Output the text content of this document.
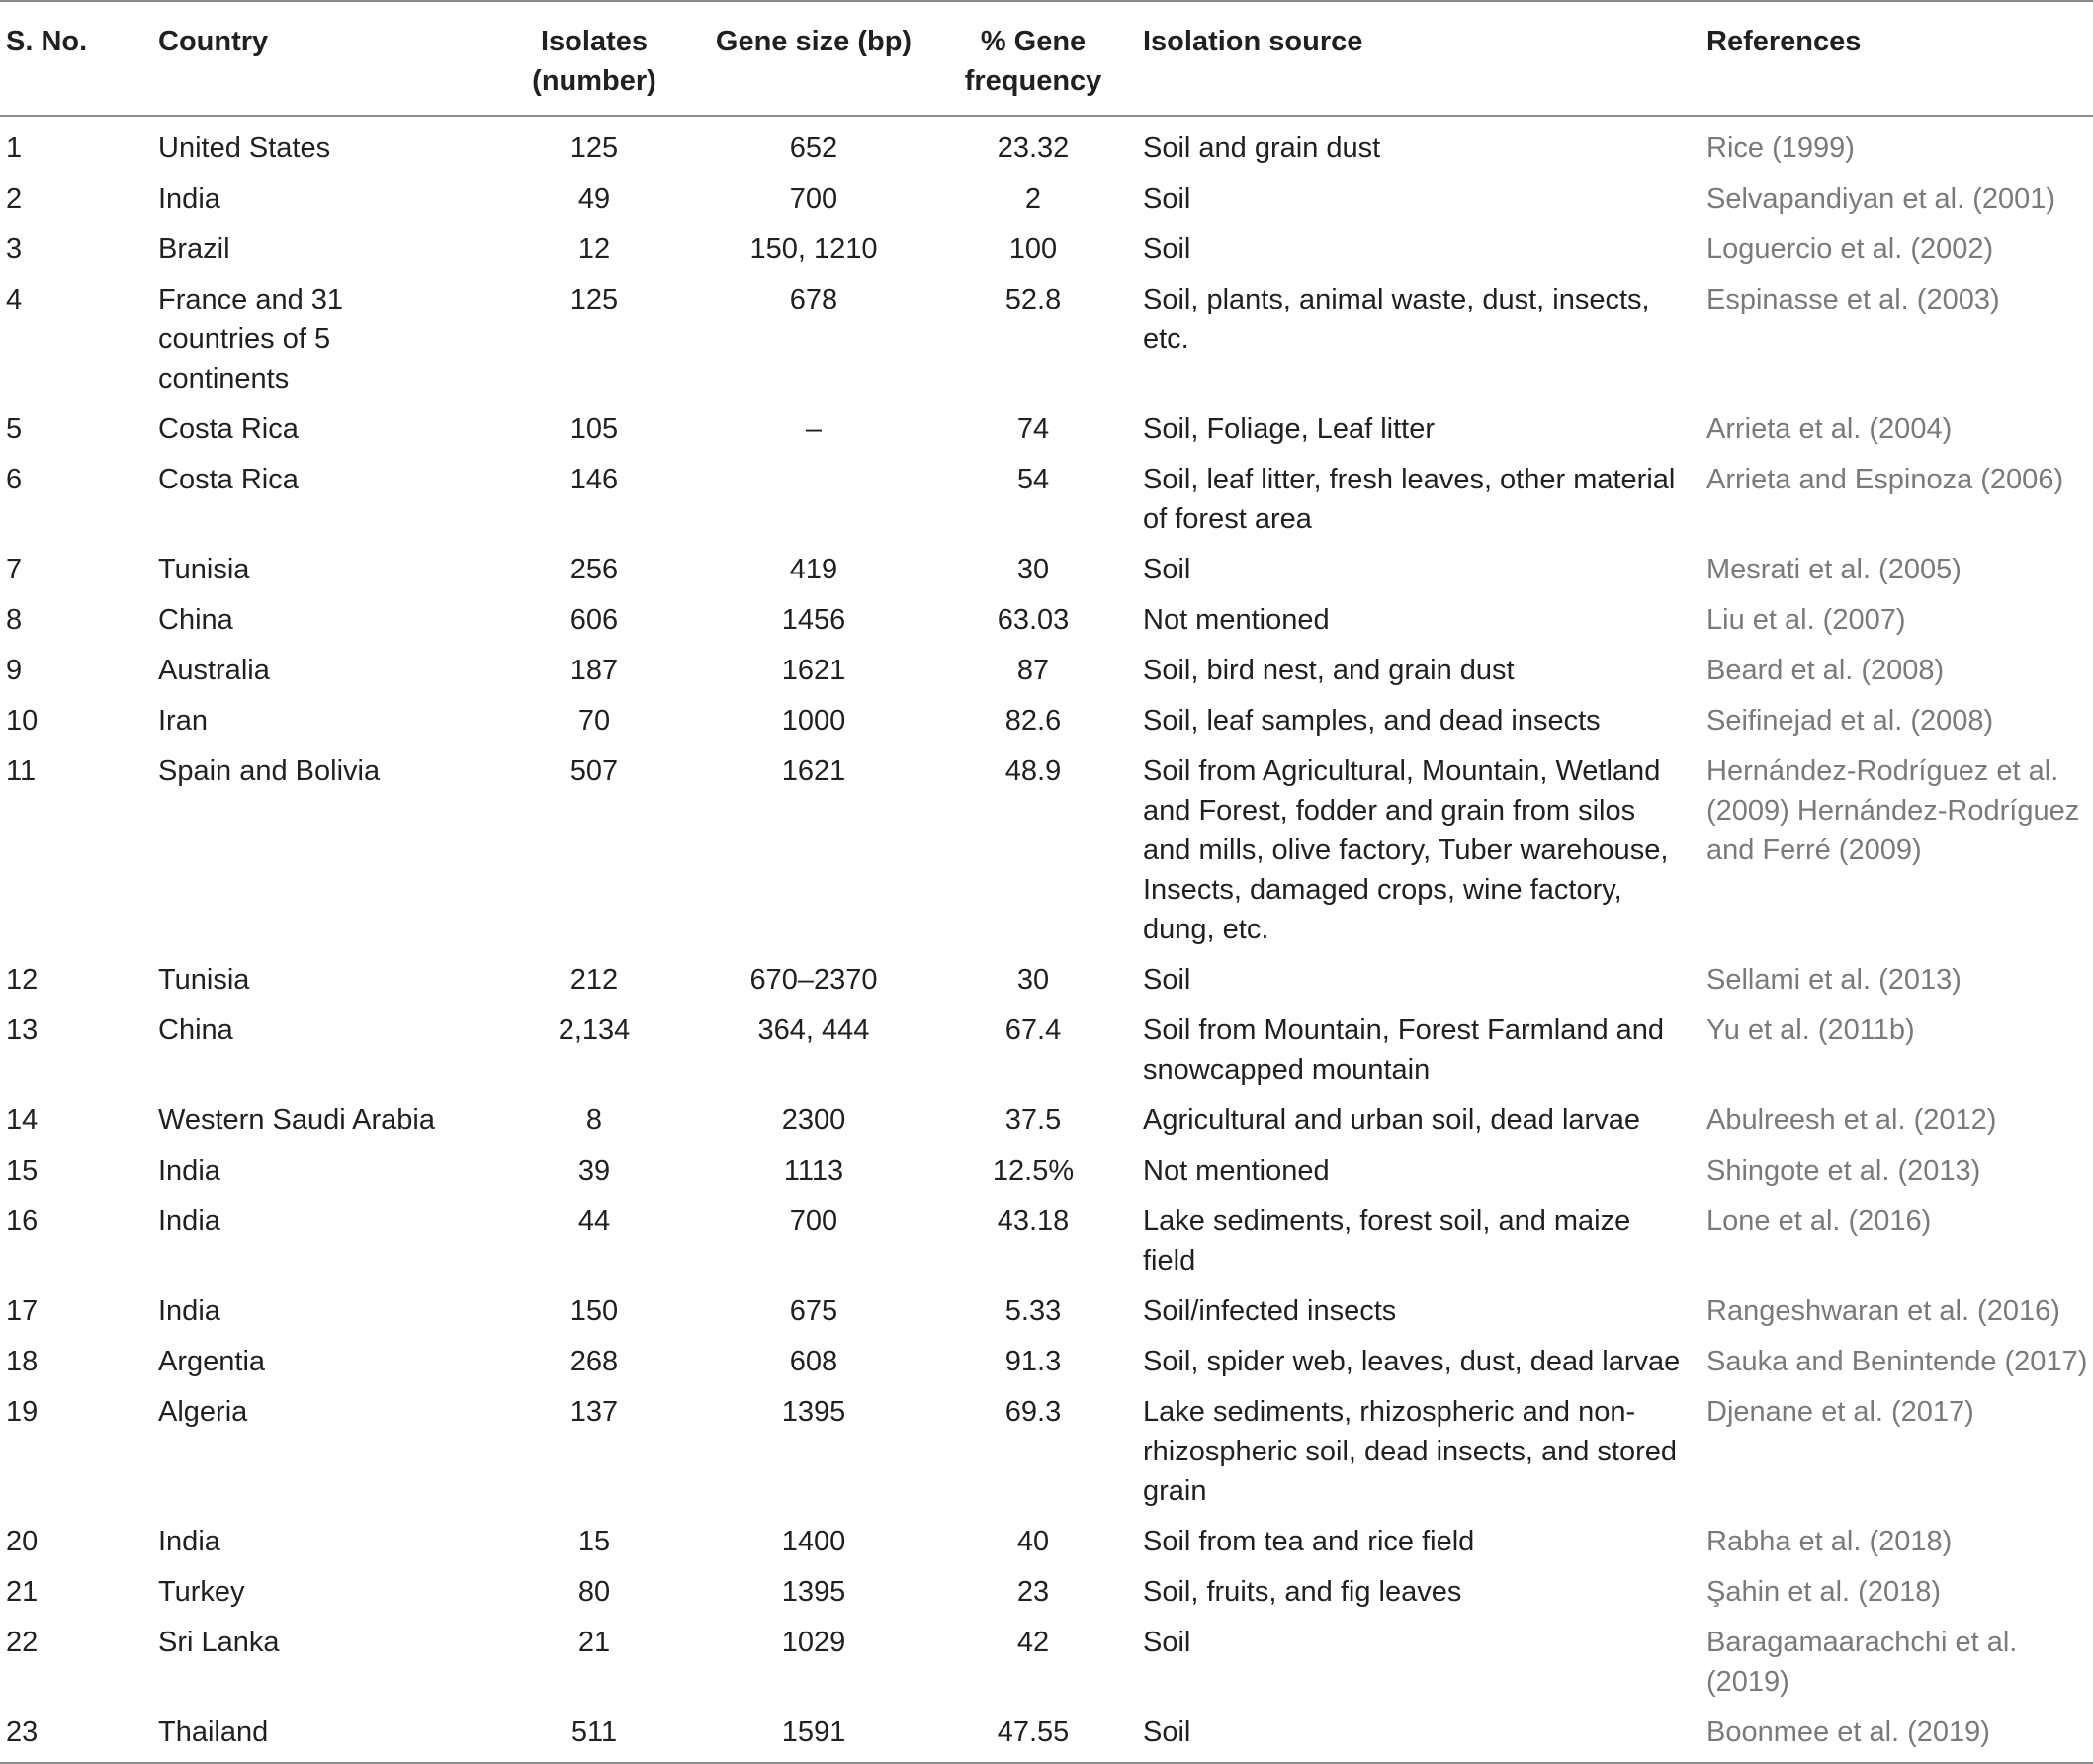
S. No.	Country	Isolates (number)	Gene size (bp)	% Gene frequency	Isolation source	References
1	United States	125	652	23.32	Soil and grain dust	Rice (1999)
2	India	49	700	2	Soil	Selvapandiyan et al. (2001)
3	Brazil	12	150, 1210	100	Soil	Loguercio et al. (2002)
4	France and 31 countries of 5 continents	125	678	52.8	Soil, plants, animal waste, dust, insects, etc.	Espinasse et al. (2003)
5	Costa Rica	105	–	74	Soil, Foliage, Leaf litter	Arrieta et al. (2004)
6	Costa Rica	146		54	Soil, leaf litter, fresh leaves, other material of forest area	Arrieta and Espinoza (2006)
7	Tunisia	256	419	30	Soil	Mesrati et al. (2005)
8	China	606	1456	63.03	Not mentioned	Liu et al. (2007)
9	Australia	187	1621	87	Soil, bird nest, and grain dust	Beard et al. (2008)
10	Iran	70	1000	82.6	Soil, leaf samples, and dead insects	Seifinejad et al. (2008)
11	Spain and Bolivia	507	1621	48.9	Soil from Agricultural, Mountain, Wetland and Forest, fodder and grain from silos and mills, olive factory, Tuber warehouse, Insects, damaged crops, wine factory, dung, etc.	Hernández-Rodríguez et al. (2009) Hernández-Rodríguez and Ferré (2009)
12	Tunisia	212	670–2370	30	Soil	Sellami et al. (2013)
13	China	2,134	364, 444	67.4	Soil from Mountain, Forest Farmland and snowcapped mountain	Yu et al. (2011b)
14	Western Saudi Arabia	8	2300	37.5	Agricultural and urban soil, dead larvae	Abulreesh et al. (2012)
15	India	39	1113	12.5%	Not mentioned	Shingote et al. (2013)
16	India	44	700	43.18	Lake sediments, forest soil, and maize field	Lone et al. (2016)
17	India	150	675	5.33	Soil/infected insects	Rangeshwaran et al. (2016)
18	Argentia	268	608	91.3	Soil, spider web, leaves, dust, dead larvae	Sauka and Benintende (2017)
19	Algeria	137	1395	69.3	Lake sediments, rhizospheric and non-rhizospheric soil, dead insects, and stored grain	Djenane et al. (2017)
20	India	15	1400	40	Soil from tea and rice field	Rabha et al. (2018)
21	Turkey	80	1395	23	Soil, fruits, and fig leaves	Şahin et al. (2018)
22	Sri Lanka	21	1029	42	Soil	Baragamaarachchi et al. (2019)
23	Thailand	511	1591	47.55	Soil	Boonmee et al. (2019)
